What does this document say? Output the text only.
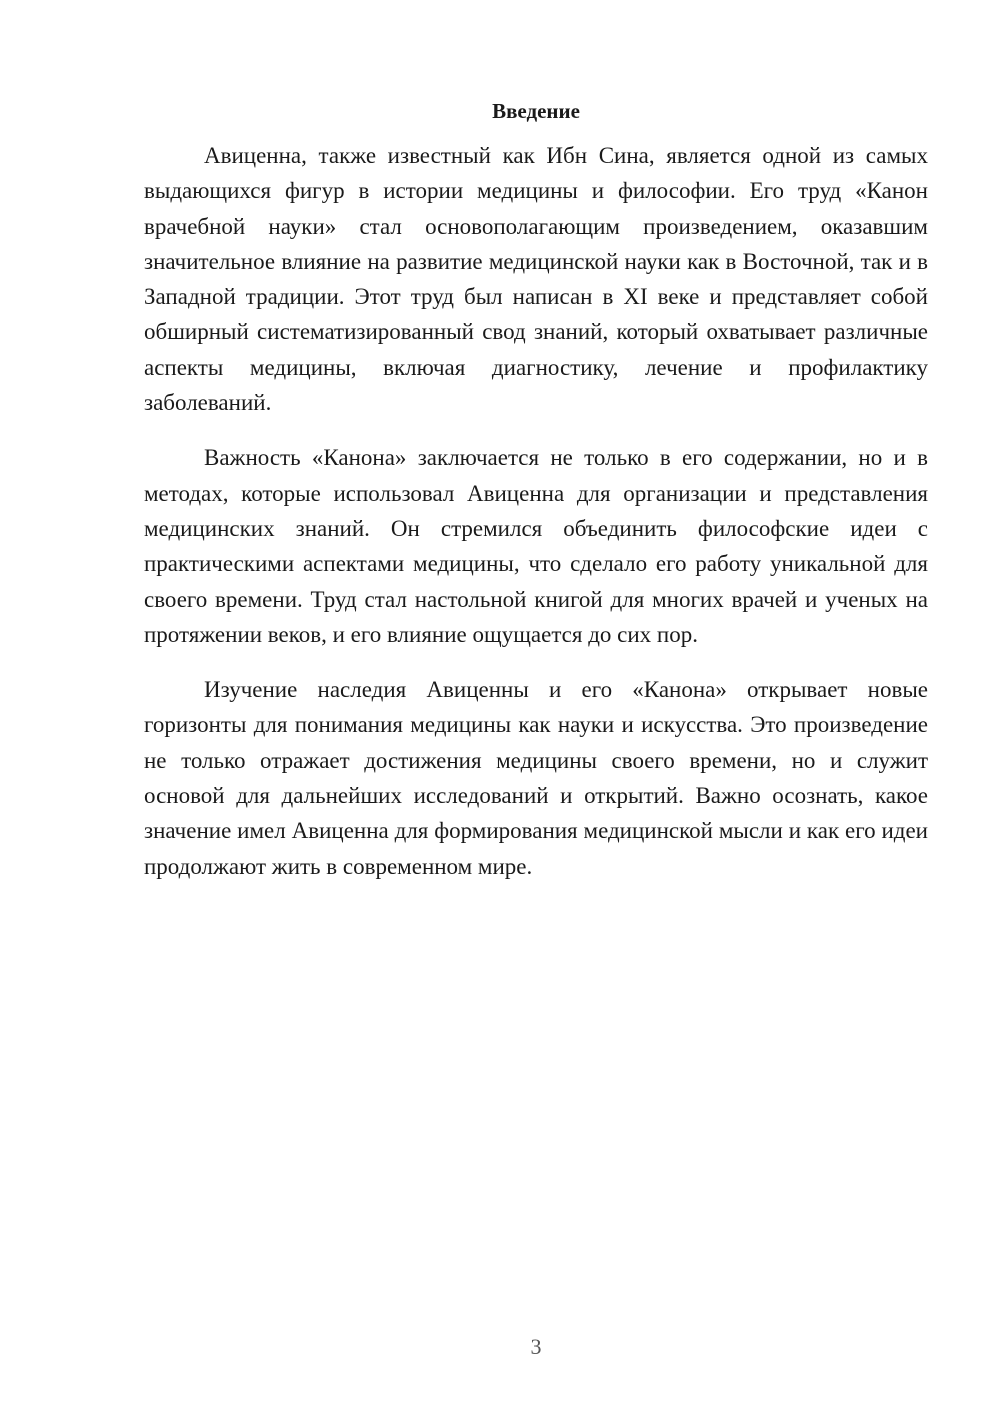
Введение

Авиценна, также известный как Ибн Сина, является одной из самых выдающихся фигур в истории медицины и философии. Его труд «Канон врачебной науки» стал основополагающим произведением, оказавшим значительное влияние на развитие медицинской науки как в Восточной, так и в Западной традиции. Этот труд был написан в XI веке и представляет собой обширный систематизированный свод знаний, который охватывает различные аспекты медицины, включая диагностику, лечение и профилактику заболеваний.

Важность «Канона» заключается не только в его содержании, но и в методах, которые использовал Авиценна для организации и представления медицинских знаний. Он стремился объединить философские идеи с практическими аспектами медицины, что сделало его работу уникальной для своего времени. Труд стал настольной книгой для многих врачей и ученых на протяжении веков, и его влияние ощущается до сих пор.

Изучение наследия Авиценны и его «Канона» открывает новые горизонты для понимания медицины как науки и искусства. Это произведение не только отражает достижения медицины своего времени, но и служит основой для дальнейших исследований и открытий. Важно осознать, какое значение имел Авиценна для формирования медицинской мысли и как его идеи продолжают жить в современном мире.

3
